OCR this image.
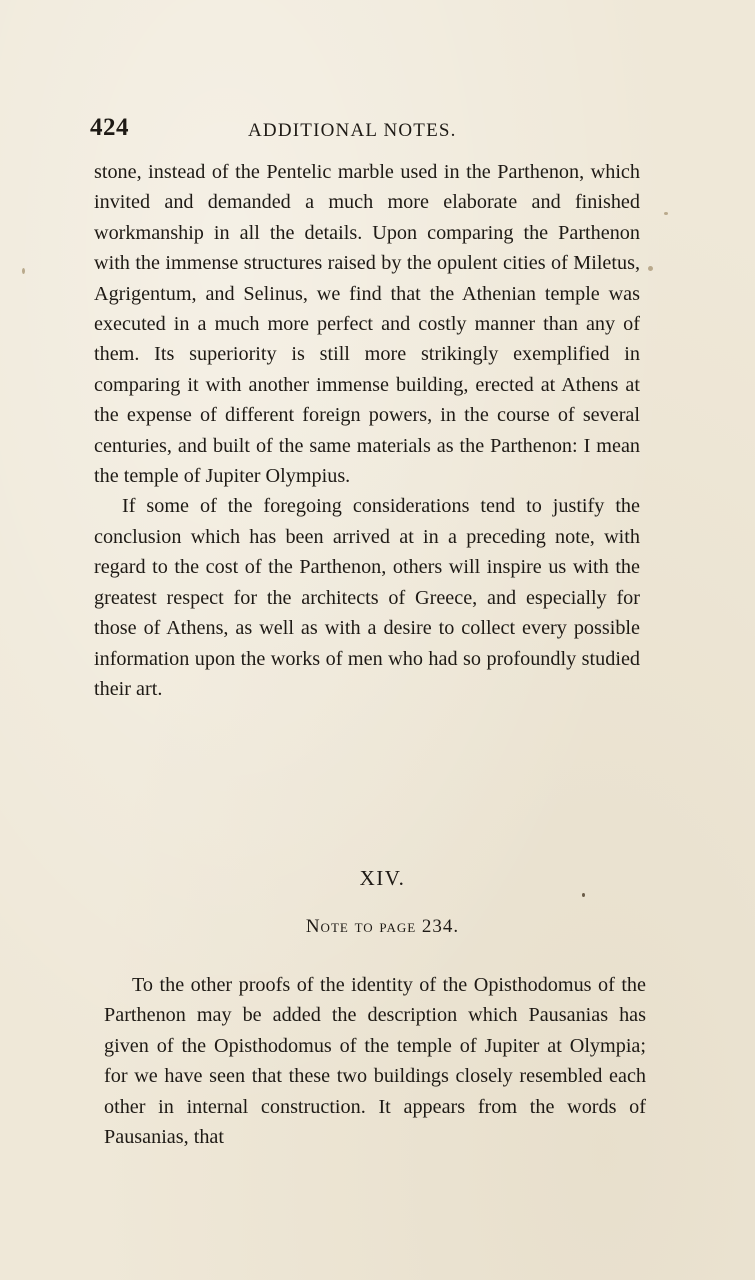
424	ADDITIONAL NOTES.

stone, instead of the Pentelic marble used in the Parthenon, which invited and demanded a much more elaborate and finished workmanship in all the details. Upon comparing the Parthenon with the immense structures raised by the opulent cities of Miletus, Agrigentum, and Selinus, we find that the Athenian temple was executed in a much more perfect and costly manner than any of them. Its superiority is still more strikingly exemplified in comparing it with another immense building, erected at Athens at the expense of different foreign powers, in the course of several centuries, and built of the same materials as the Parthenon: I mean the temple of Jupiter Olympius.

If some of the foregoing considerations tend to justify the conclusion which has been arrived at in a preceding note, with regard to the cost of the Parthenon, others will inspire us with the greatest respect for the architects of Greece, and especially for those of Athens, as well as with a desire to collect every possible information upon the works of men who had so profoundly studied their art.

XIV.
Note to page 234.

To the other proofs of the identity of the Opisthodomus of the Parthenon may be added the description which Pausanias has given of the Opisthodomus of the temple of Jupiter at Olympia; for we have seen that these two buildings closely resembled each other in internal construction. It appears from the words of Pausanias, that
